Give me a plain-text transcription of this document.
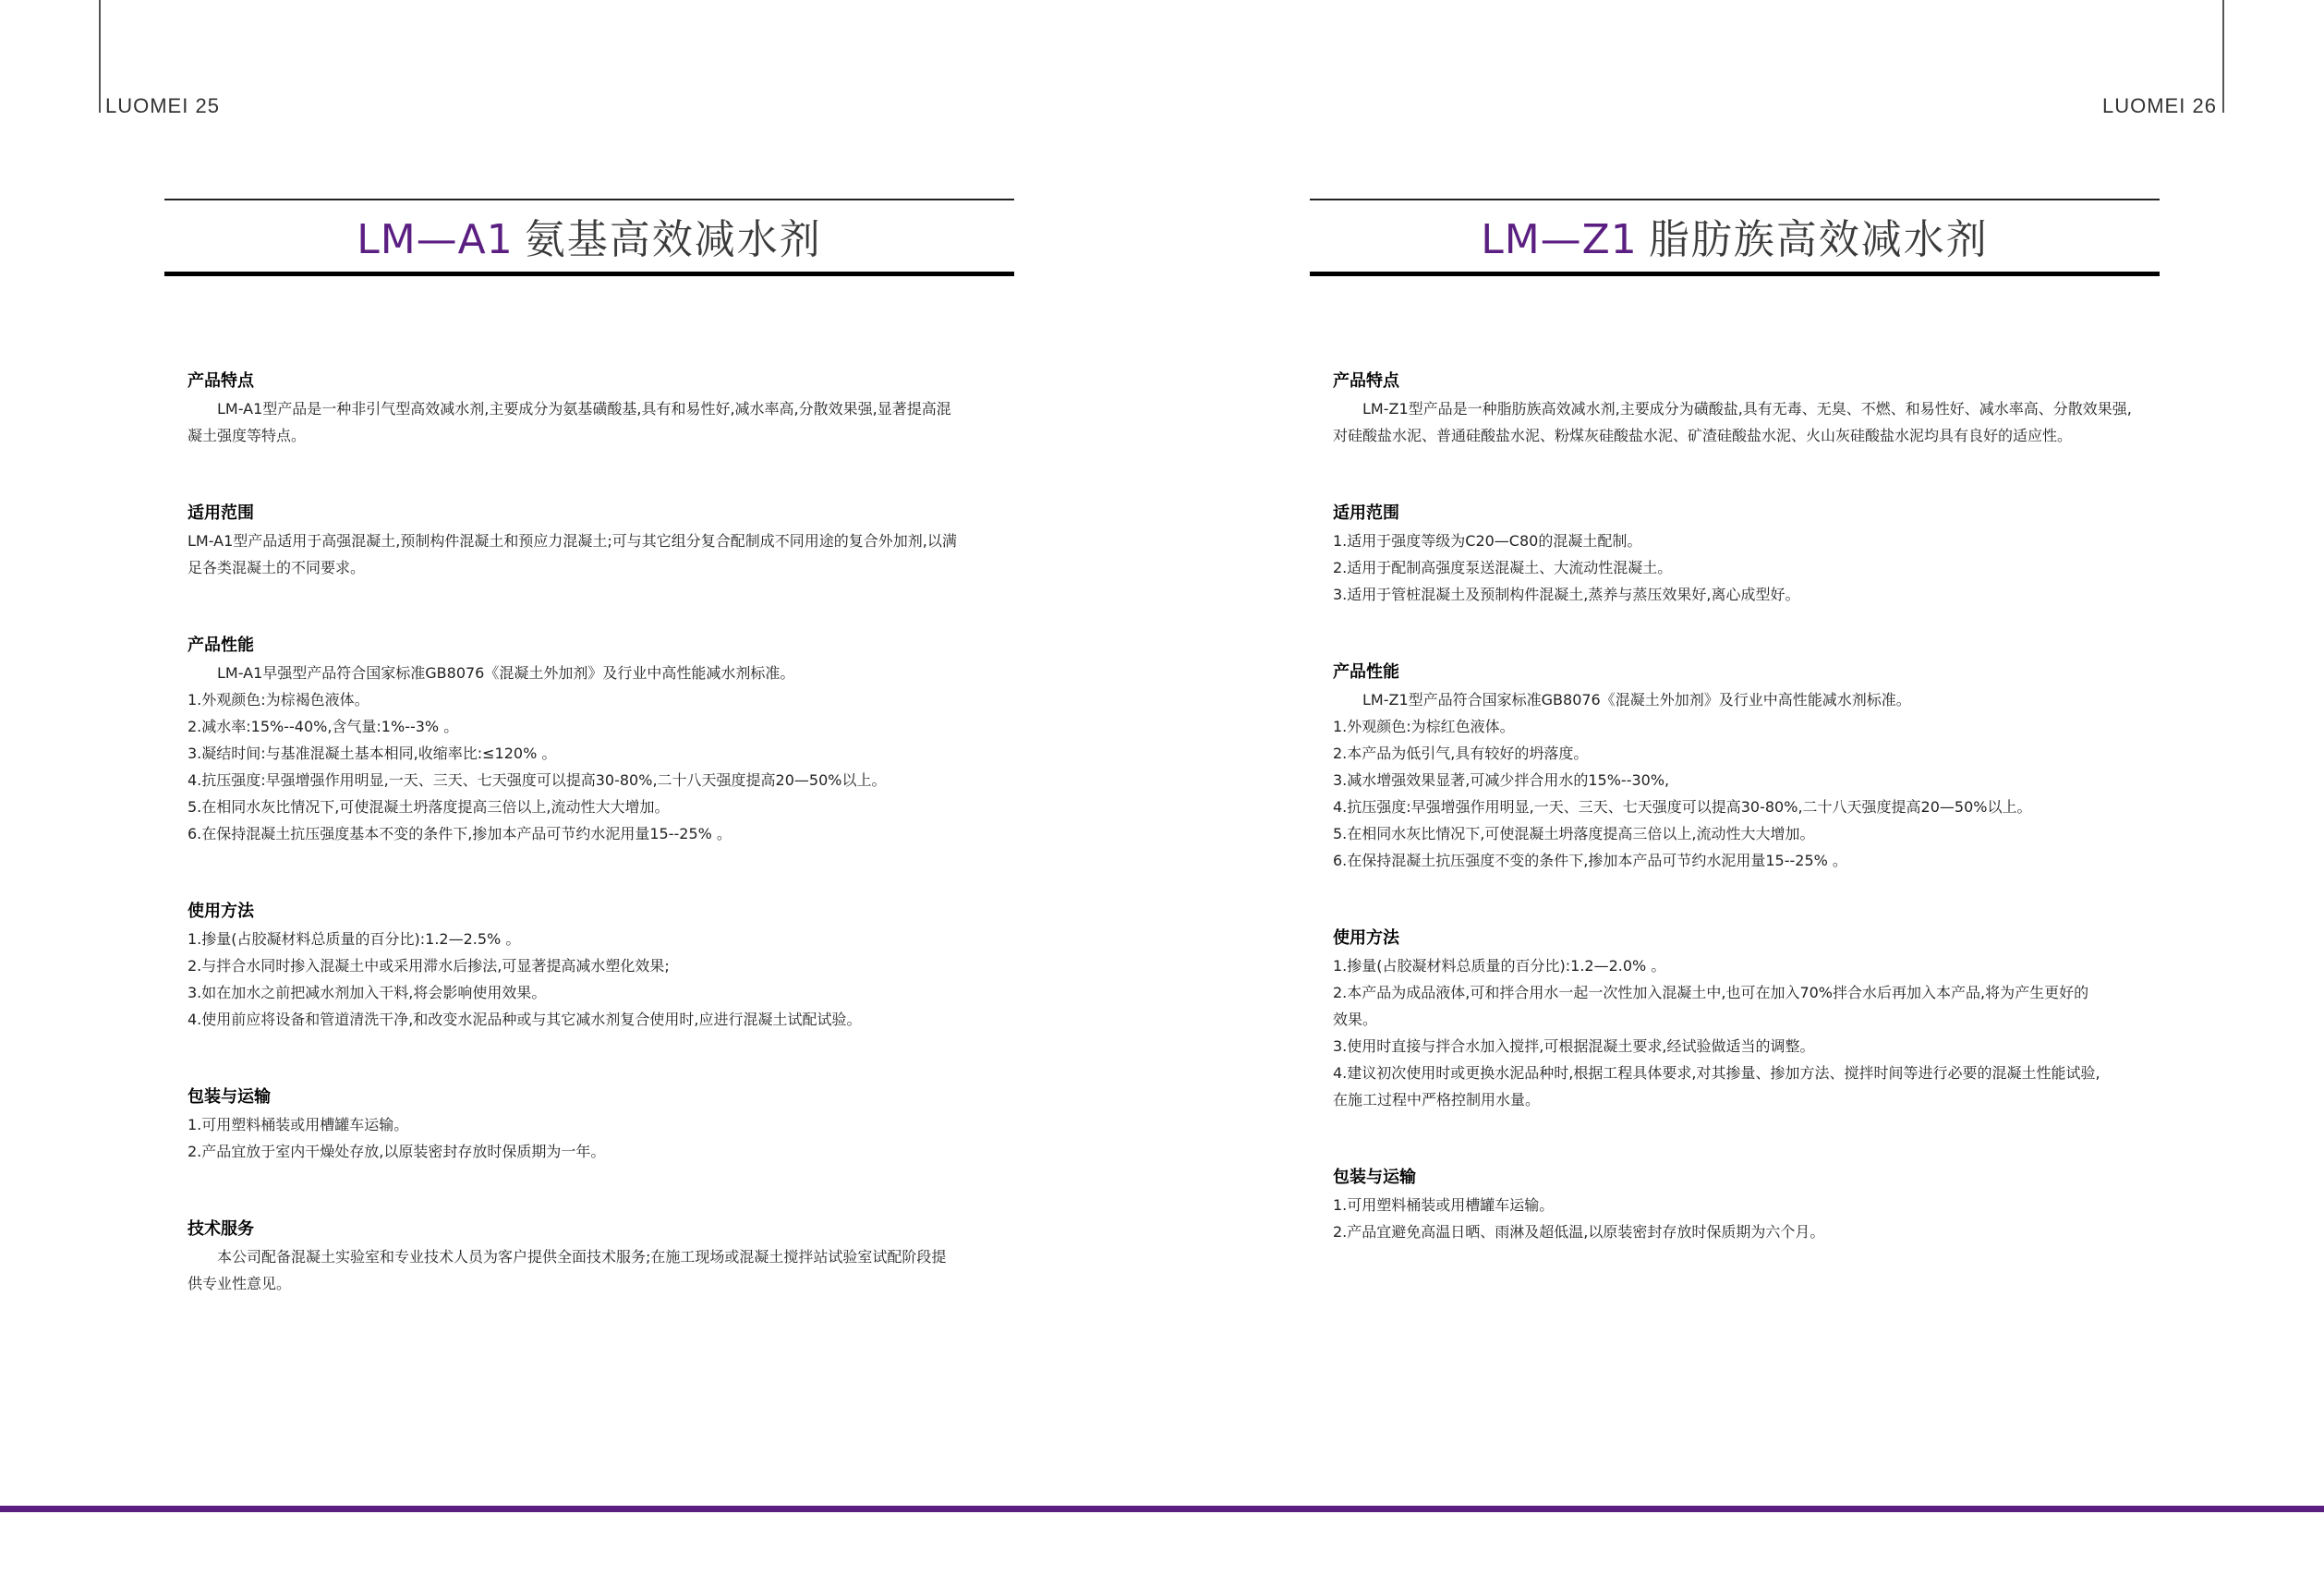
LUOMEI 25	LUOMEI 26
LM—A1 氨基高效减水剂
产品特点
LM-A1型产品是一种非引气型高效减水剂,主要成分为氨基磺酸基,具有和易性好,减水率高,分散效果强,显著提高混
凝土强度等特点。
适用范围
LM-A1型产品适用于高强混凝土,预制构件混凝土和预应力混凝土;可与其它组分复合配制成不同用途的复合外加剂,以满
足各类混凝土的不同要求。
产品性能
LM-A1早强型产品符合国家标准GB8076《混凝土外加剂》及行业中高性能减水剂标准。
1.外观颜色:为棕褐色液体。
2.减水率:15%--40%,含气量:1%--3% 。
3.凝结时间:与基准混凝土基本相同,收缩率比:≤120% 。
4.抗压强度:早强增强作用明显,一天、三天、七天强度可以提高30-80%,二十八天强度提高20—50%以上。
5.在相同水灰比情况下,可使混凝土坍落度提高三倍以上,流动性大大增加。
6.在保持混凝土抗压强度基本不变的条件下,掺加本产品可节约水泥用量15--25% 。
使用方法
1.掺量(占胶凝材料总质量的百分比):1.2—2.5% 。
2.与拌合水同时掺入混凝土中或采用滞水后掺法,可显著提高减水塑化效果;
3.如在加水之前把减水剂加入干料,将会影响使用效果。
4.使用前应将设备和管道清洗干净,和改变水泥品种或与其它减水剂复合使用时,应进行混凝土试配试验。
包装与运输
1.可用塑料桶装或用槽罐车运输。
2.产品宜放于室内干燥处存放,以原装密封存放时保质期为一年。
技术服务
本公司配备混凝土实验室和专业技术人员为客户提供全面技术服务;在施工现场或混凝土搅拌站试验室试配阶段提
供专业性意见。
LM—Z1 脂肪族高效减水剂
产品特点
LM-Z1型产品是一种脂肪族高效减水剂,主要成分为磺酸盐,具有无毒、无臭、不燃、和易性好、减水率高、分散效果强,
对硅酸盐水泥、普通硅酸盐水泥、粉煤灰硅酸盐水泥、矿渣硅酸盐水泥、火山灰硅酸盐水泥均具有良好的适应性。
适用范围
1.适用于强度等级为C20—C80的混凝土配制。
2.适用于配制高强度泵送混凝土、大流动性混凝土。
3.适用于管桩混凝土及预制构件混凝土,蒸养与蒸压效果好,离心成型好。
产品性能
LM-Z1型产品符合国家标准GB8076《混凝土外加剂》及行业中高性能减水剂标准。
1.外观颜色:为棕红色液体。
2.本产品为低引气,具有较好的坍落度。
3.减水增强效果显著,可减少拌合用水的15%--30%,
4.抗压强度:早强增强作用明显,一天、三天、七天强度可以提高30-80%,二十八天强度提高20—50%以上。
5.在相同水灰比情况下,可使混凝土坍落度提高三倍以上,流动性大大增加。
6.在保持混凝土抗压强度不变的条件下,掺加本产品可节约水泥用量15--25% 。
使用方法
1.掺量(占胶凝材料总质量的百分比):1.2—2.0% 。
2.本产品为成品液体,可和拌合用水一起一次性加入混凝土中,也可在加入70%拌合水后再加入本产品,将为产生更好的
效果。
3.使用时直接与拌合水加入搅拌,可根据混凝土要求,经试验做适当的调整。
4.建议初次使用时或更换水泥品种时,根据工程具体要求,对其掺量、掺加方法、搅拌时间等进行必要的混凝土性能试验,
在施工过程中严格控制用水量。
包装与运输
1.可用塑料桶装或用槽罐车运输。
2.产品宜避免高温日晒、雨淋及超低温,以原装密封存放时保质期为六个月。
